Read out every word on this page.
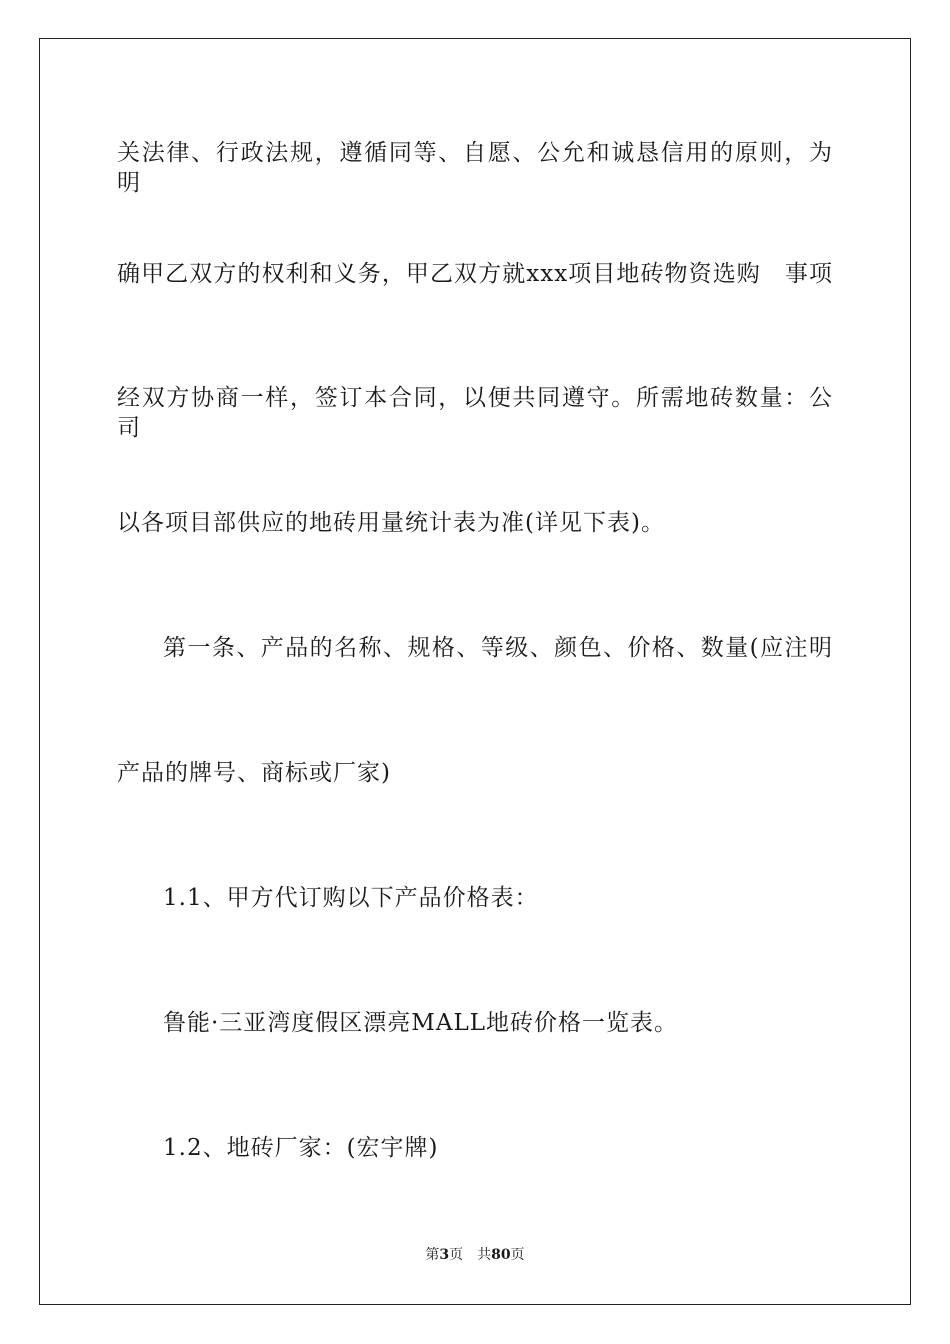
关法律、行政法规，遵循同等、自愿、公允和诚恳信用的原则，为明
确甲乙双方的权利和义务，甲乙双方就xxx项目地砖物资选购　事项
经双方协商一样，签订本合同，以便共同遵守。所需地砖数量：公司
以各项目部供应的地砖用量统计表为准(详见下表)。
第一条、产品的名称、规格、等级、颜色、价格、数量(应注明
产品的牌号、商标或厂家)
1.1、甲方代订购以下产品价格表：
鲁能·三亚湾度假区漂亮MALL地砖价格一览表。
1.2、地砖厂家：(宏宇牌)
第3页　共80页
